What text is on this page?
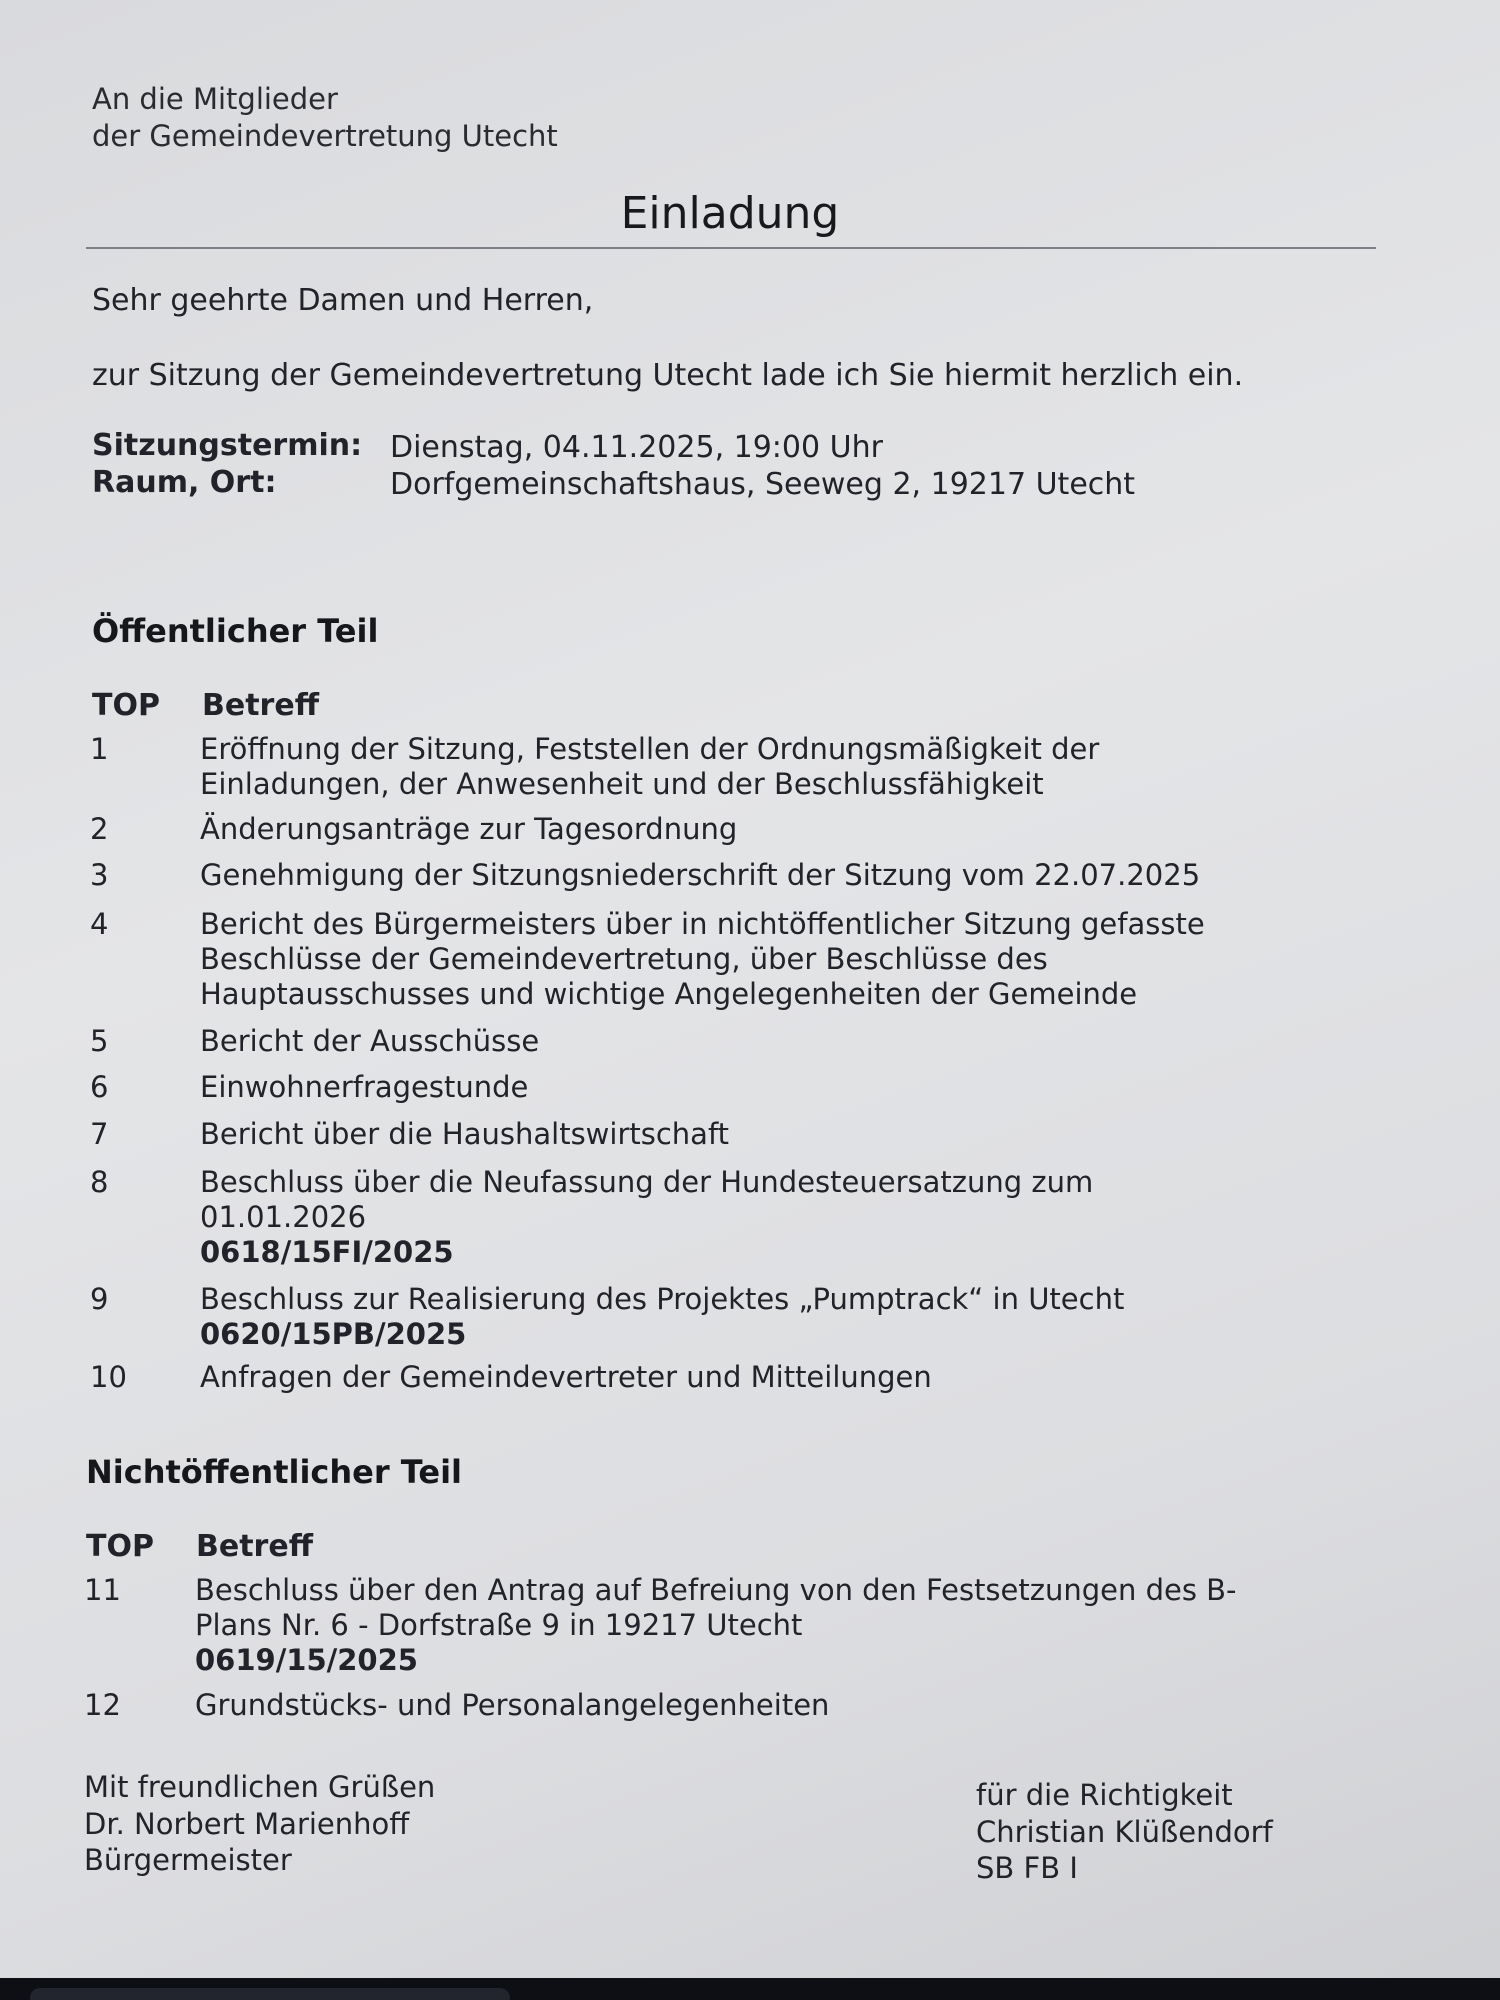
An die Mitglieder
der Gemeindevertretung Utecht
Einladung
Sehr geehrte Damen und Herren,
zur Sitzung der Gemeindevertretung Utecht lade ich Sie hiermit herzlich ein.
Sitzungstermin: Dienstag, 04.11.2025, 19:00 Uhr
Raum, Ort:	Dorfgemeinschaftshaus, Seeweg 2, 19217 Utecht
Öffentlicher Teil
TOP Betreff
1	Eröffnung der Sitzung, Feststellen der Ordnungsmäßigkeit der
Einladungen, der Anwesenheit und der Beschlussfähigkeit
2	Änderungsanträge zur Tagesordnung
3	Genehmigung der Sitzungsniederschrift der Sitzung vom 22.07.2025
4	Bericht des Bürgermeisters über in nichtöffentlicher Sitzung gefasste
Beschlüsse der Gemeindevertretung, über Beschlüsse des
Hauptausschusses und wichtige Angelegenheiten der Gemeinde
5	Bericht der Ausschüsse
6	Einwohnerfragestunde
7	Bericht über die Haushaltswirtschaft
8	Beschluss über die Neufassung der Hundesteuersatzung zum
01.01.2026
0618/15FI/2025
9	Beschluss zur Realisierung des Projektes „Pumptrack“ in Utecht
0620/15PB/2025
10	Anfragen der Gemeindevertreter und Mitteilungen
Nichtöffentlicher Teil
TOP Betreff
11	Beschluss über den Antrag auf Befreiung von den Festsetzungen des B-
Plans Nr. 6 - Dorfstraße 9 in 19217 Utecht
0619/15/2025
12	Grundstücks- und Personalangelegenheiten
Mit freundlichen Grüßen
Dr. Norbert Marienhoff
Bürgermeister
für die Richtigkeit
Christian Klüßendorf
SB FB I
